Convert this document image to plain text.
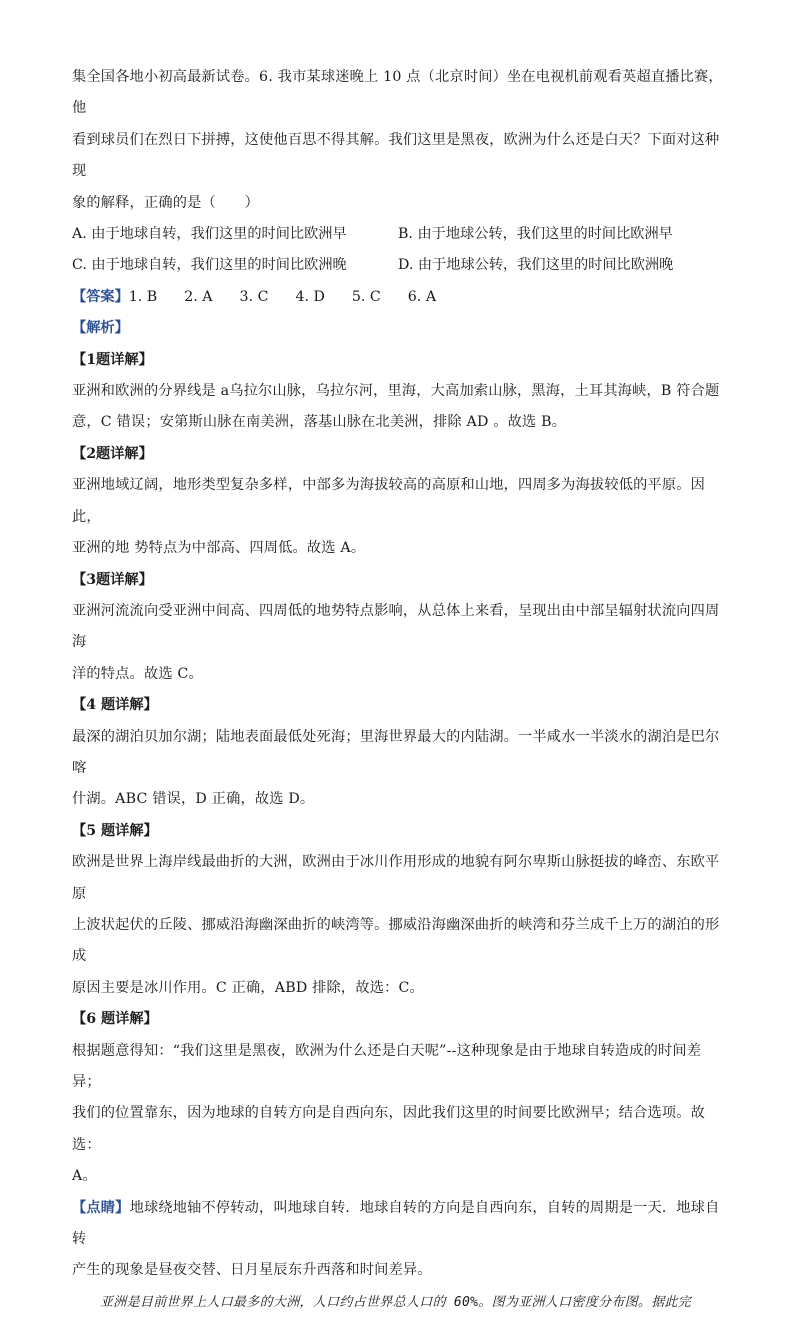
集全国各地小初高最新试卷。6. 我市某球迷晚上 10 点（北京时间）坐在电视机前观看英超直播比赛，他

看到球员们在烈日下拼搏，这使他百思不得其解。我们这里是黑夜，欧洲为什么还是白天？下面对这种现

象的解释，正确的是（　　）

A. 由于地球自转，我们这里的时间比欧洲早	B. 由于地球公转，我们这里的时间比欧洲早
C. 由于地球自转，我们这里的时间比欧洲晚	D. 由于地球公转，我们这里的时间比欧洲晚
【答案】1. B 2. A 3. C 4. D 5. C 6. A
【解析】
【1题详解】

亚洲和欧洲的分界线是 a乌拉尔山脉，乌拉尔河，里海，大高加索山脉，黑海，土耳其海峡，B 符合题

意，C 错误；安第斯山脉在南美洲，落基山脉在北美洲，排除 AD 。故选 B。

【2题详解】

亚洲地域辽阔，地形类型复杂多样，中部多为海拔较高的高原和山地，四周多为海拔较低的平原。因此，

亚洲的地 势特点为中部高、四周低。故选 A。

【3题详解】

亚洲河流流向受亚洲中间高、四周低的地势特点影响，从总体上来看，呈现出由中部呈辐射状流向四周海

洋的特点。故选 C。

【4 题详解】

最深的湖泊贝加尔湖；陆地表面最低处死海；里海世界最大的内陆湖。一半咸水一半淡水的湖泊是巴尔喀

什湖。ABC 错误，D 正确，故选 D。

【5 题详解】

欧洲是世界上海岸线最曲折的大洲，欧洲由于冰川作用形成的地貌有阿尔卑斯山脉挺拔的峰峦、东欧平原

上波状起伏的丘陵、挪威沿海幽深曲折的峡湾等。挪威沿海幽深曲折的峡湾和芬兰成千上万的湖泊的形成

原因主要是冰川作用。C 正确，ABD 排除，故选：C。

【6 题详解】

根据题意得知：“我们这里是黑夜，欧洲为什么还是白天呢”--这种现象是由于地球自转造成的时间差异；

我们的位置靠东，因为地球的自转方向是自西向东，因此我们这里的时间要比欧洲早；结合选项。故选：

A。

【点睛】地球绕地轴不停转动，叫地球自转．地球自转的方向是自西向东，自转的周期是一天．地球自转

产生的现象是昼夜交替、日月星辰东升西落和时间差异。

亚洲是目前世界上人口最多的大洲，人口约占世界总人口的 60%。图为亚洲人口密度分布图。据此完
